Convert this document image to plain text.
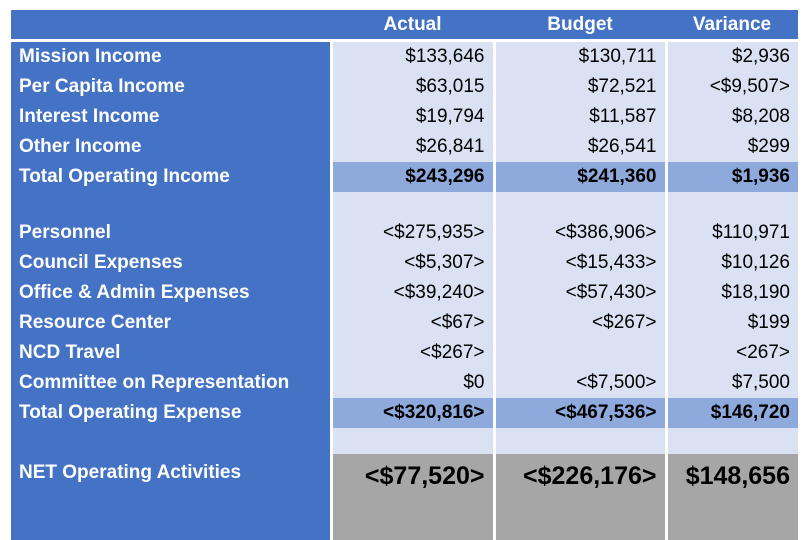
	Actual	Budget	Variance
Mission Income	$133,646	$130,711	$2,936
Per Capita Income	$63,015	$72,521	<$9,507>
Interest Income	$19,794	$11,587	$8,208
Other Income	$26,841	$26,541	$299
Total Operating Income	$243,296	$241,360	$1,936

Personnel	<$275,935>	<$386,906>	$110,971
Council Expenses	<$5,307>	<$15,433>	$10,126
Office & Admin Expenses	<$39,240>	<$57,430>	$18,190
Resource Center	<$67>	<$267>	$199
NCD Travel	<$267>		<267>
Committee on Representation	$0	<$7,500>	$7,500
Total Operating Expense	<$320,816>	<$467,536>	$146,720

NET Operating Activities	<$77,520>	<$226,176>	$148,656
